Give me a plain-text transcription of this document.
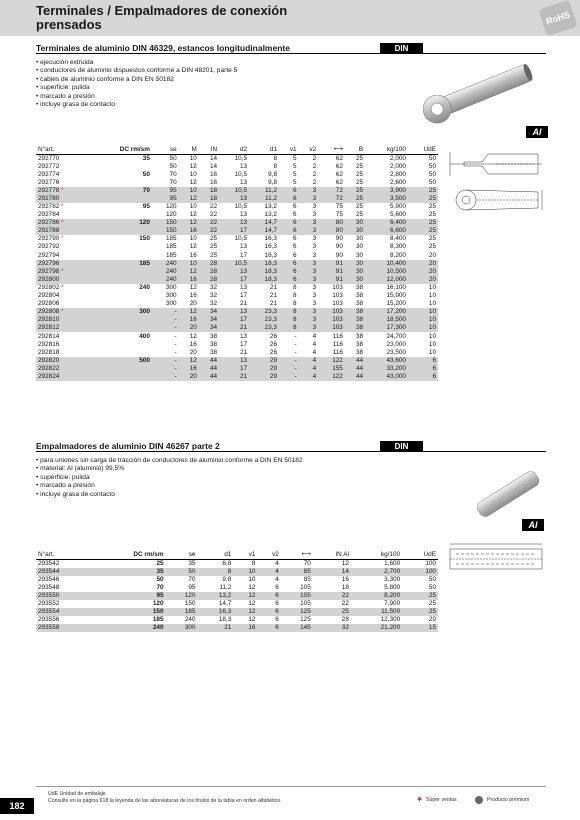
Terminales / Empalmadores de conexión prensados	RoHS
Terminales de aluminio DIN 46329, estancos longitudinalmente	DIN
• ejecución extruida
• conductores de aluminio dispuestos conforme a DIN 48201, parte 5
• cables de aluminio conforme a DIN EN 50182
• superficie: pulida
• marcado a presión
• incluye grasa de contacto
Al
N°art.	DC rm/sm	se	M	IN	d2	d1	v1	v2	⟷	B	kg/100	UdE
292770	35	50	10	14	10,5	8	5	2	62	25	2,000	50
292772		50	12	14	13	8	5	2	62	25	2,000	50
292774	50	70	10	16	10,5	9,8	5	2	62	25	2,800	50
292776		70	12	16	13	9,8	5	2	62	25	2,600	50
292778 *	70	95	10	18	10,5	11,2	6	3	72	25	3,900	25
292780		95	12	18	13	11,2	6	3	72	25	3,500	25
292782 *	95	120	10	22	10,5	13,2	6	3	75	25	5,900	25
292784		120	12	22	13	13,2	6	3	75	25	5,600	25
292786 *	120	150	12	22	13	14,7	6	3	80	30	6,400	25
292788		150	16	22	17	14,7	6	3	80	30	6,600	25
292790 *	150	185	10	25	10,5	16,3	6	3	90	30	8,400	25
292792		185	12	25	13	16,3	6	3	90	30	8,300	25
292794		185	16	25	17	16,3	6	3	90	30	8,200	20
292796	185	240	10	28	10,5	18,3	6	3	91	30	10,400	20
292798 *		240	12	28	13	18,3	6	3	91	30	10,500	20
292800		240	16	28	17	18,3	6	3	91	30	12,000	20
292802 *	240	300	12	32	13	21	8	3	103	38	16,100	10
292804		300	16	32	17	21	8	3	103	38	15,900	10
292806		300	20	32	21	21	8	3	103	38	15,200	10
292808 *	300	-	12	34	13	23,3	8	3	103	38	17,200	10
292810		-	16	34	17	23,3	8	3	103	38	18,500	10
292812		-	20	34	21	23,3	8	3	103	38	17,300	10
292814	400	-	12	38	13	26	-	4	116	38	24,700	10
292816		-	16	38	17	26	-	4	116	38	23,000	10
292818		-	20	38	21	26	-	4	116	38	23,500	10
292820	500	-	12	44	13	29	-	4	122	44	43,600	6
292822		-	16	44	17	29	-	4	155	44	33,200	6
292824		-	20	44	21	29	-	4	122	44	43,000	6
Empalmadores de aluminio DIN 46267 parte 2	DIN
• para uniones sin carga de tracción de conductores de aluminio conforme a DIN EN 50182
• material: Al (aluminio) 99,5%
• superficie: pulida
• marcado a presión
• incluye grasa de contacto
Al
N°art.	DC rm/sm	se	d1	v1	v2	⟷	IN Al	kg/100	UdE
293542	25	35	6,8	8	4	70	12	1,600	100
293544	35	50	8	10	4	85	14	2,700	100
293546	50	70	9,8	10	4	85	16	3,300	50
293548	70	95	11,2	12	6	105	18	5,800	50
293550	95	120	13,2	12	6	105	22	8,200	25
293552	120	150	14,7	12	6	105	22	7,900	25
293554	150	185	16,3	12	6	125	25	11,500	25
293556	185	240	18,3	12	6	125	28	12,300	20
293558	240	300	21	16	6	145	32	21,200	15
UdE Unidad de embalaje
Consulte en la página 618 la leyenda de las abreviaturas de los títulos de la tabla en orden alfabético.
182
✱ Súper ventas	Producto prémium
